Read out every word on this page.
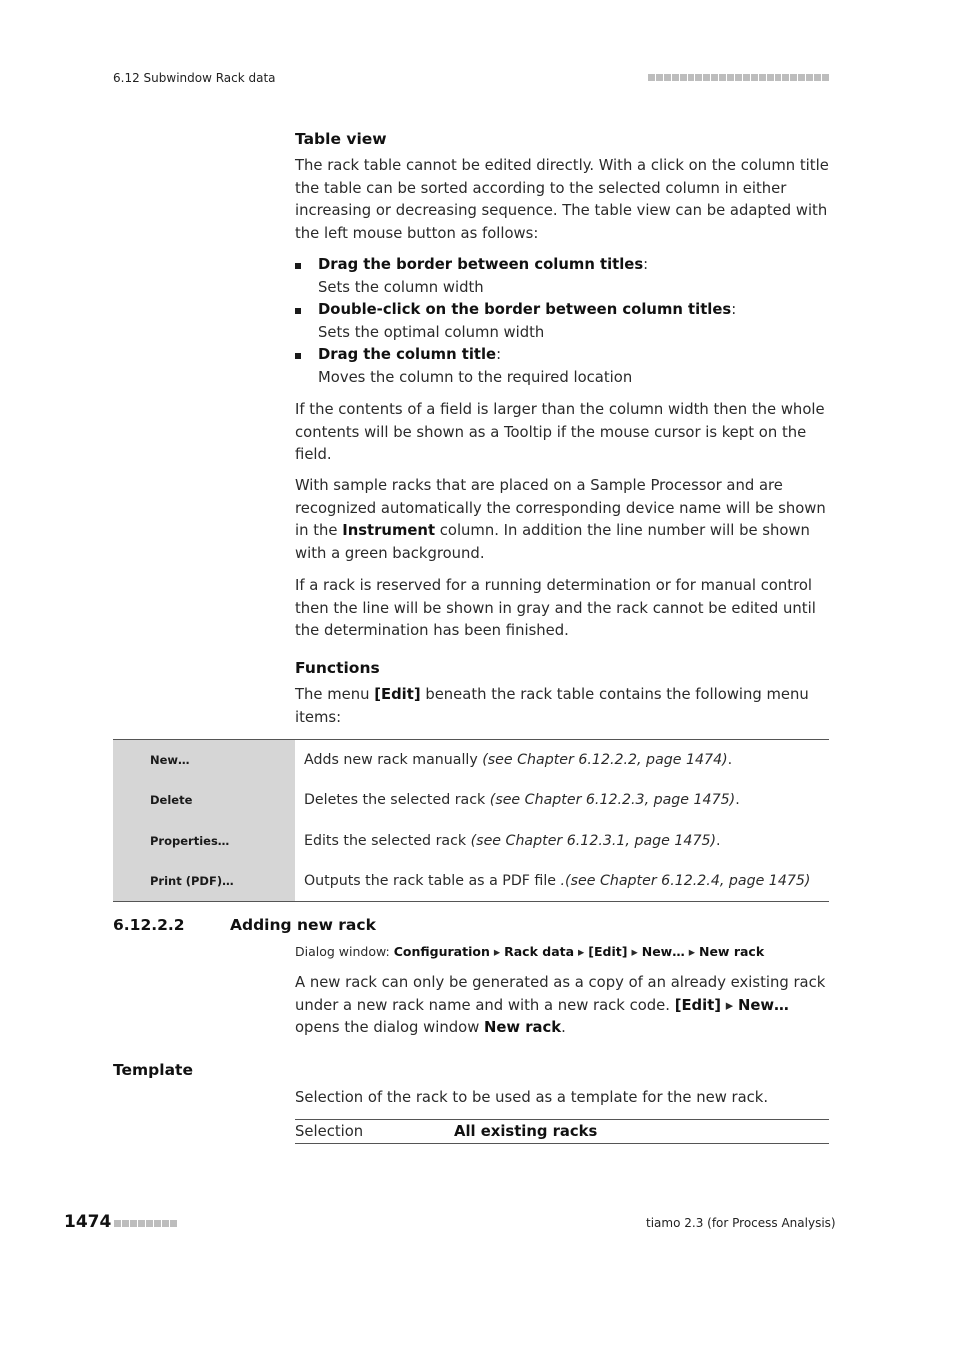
6.12 Subwindow Rack data
Table view
The rack table cannot be edited directly. With a click on the column title the table can be sorted according to the selected column in either increasing or decreasing sequence. The table view can be adapted with the left mouse button as follows:
Drag the border between column titles:
Sets the column width
Double-click on the border between column titles:
Sets the optimal column width
Drag the column title:
Moves the column to the required location
If the contents of a field is larger than the column width then the whole contents will be shown as a Tooltip if the mouse cursor is kept on the field.
With sample racks that are placed on a Sample Processor and are recognized automatically the corresponding device name will be shown in the Instrument column. In addition the line number will be shown with a green background.
If a rack is reserved for a running determination or for manual control then the line will be shown in gray and the rack cannot be edited until the determination has been finished.
Functions
The menu [Edit] beneath the rack table contains the following menu items:
New…	Adds new rack manually
(see Chapter 6.12.2.2, page 1474) .
Delete	Deletes the selected rack
(see Chapter 6.12.2.3, page 1475) .
Properties…	Edits the selected rack
(see Chapter 6.12.3.1, page 1475) .
Print (PDF)…	Outputs the rack table as a PDF file
.(see Chapter 6.12.2.4, page 1475)
6.12.2.2	Adding new rack
Dialog window: Configuration ▸ Rack data ▸ [Edit] ▸ New… ▸ New rack
A new rack can only be generated as a copy of an already existing rack under a new rack name and with a new rack code. [Edit] ▸ New… opens the dialog window New rack.
Template
Selection of the rack to be used as a template for the new rack.
Selection	All existing racks
1474	tiamo 2.3 (for Process Analysis)
